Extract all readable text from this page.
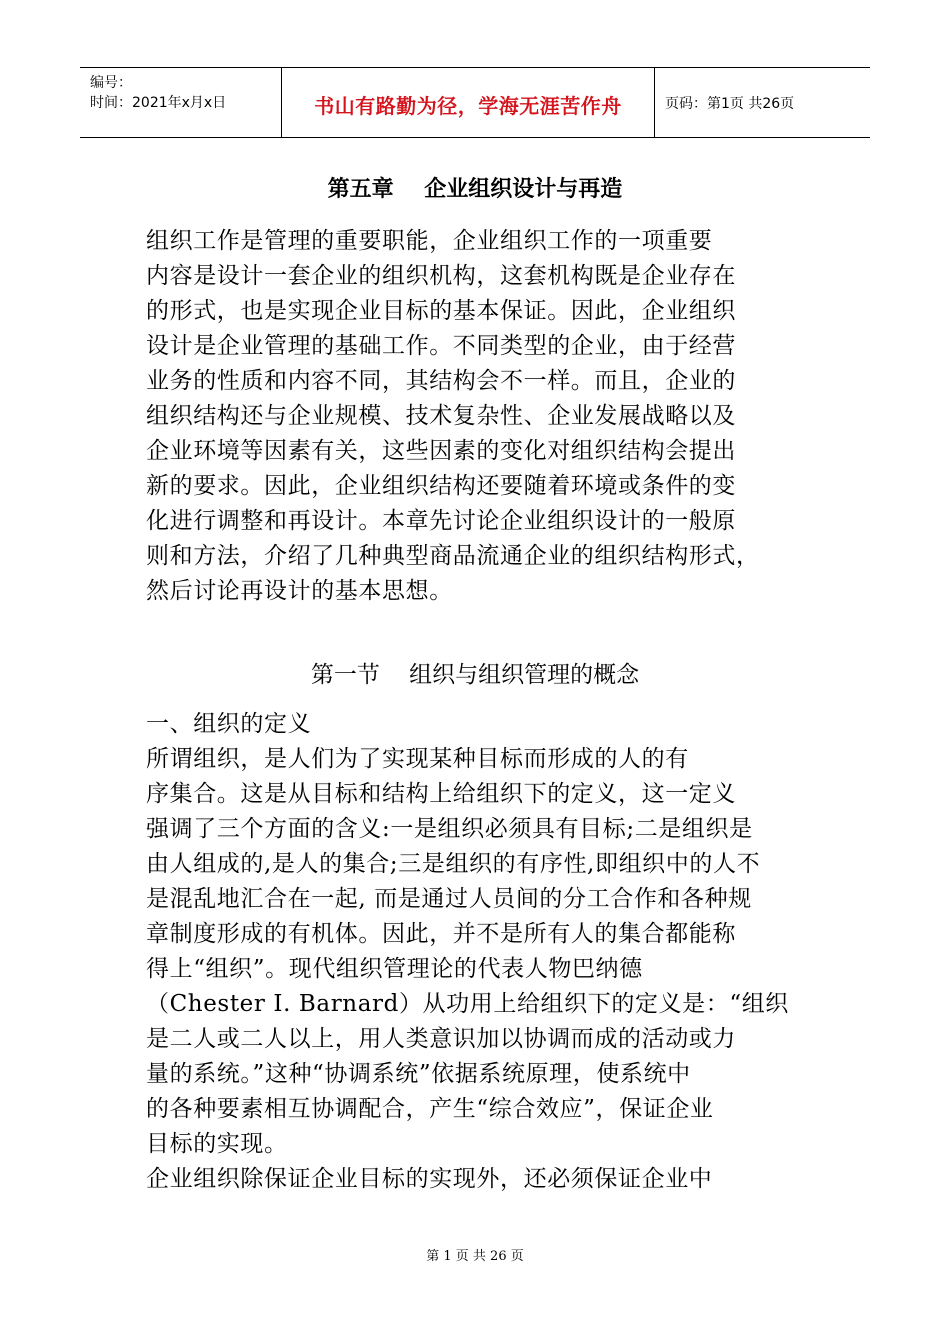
编号：
时间：2021年x月x日	书山有路勤为径，学海无涯苦作舟	页码：第1页 共26页
第五章    企业组织设计与再造
组织工作是管理的重要职能，企业组织工作的一项重要
内容是设计一套企业的组织机构，这套机构既是企业存在
的形式，也是实现企业目标的基本保证。因此，企业组织
设计是企业管理的基础工作。不同类型的企业，由于经营
业务的性质和内容不同，其结构会不一样。而且，企业的
组织结构还与企业规模、技术复杂性、企业发展战略以及
企业环境等因素有关，这些因素的变化对组织结构会提出
新的要求。因此，企业组织结构还要随着环境或条件的变
化进行调整和再设计。本章先讨论企业组织设计的一般原
则和方法，介绍了几种典型商品流通企业的组织结构形式，
然后讨论再设计的基本思想。
第一节    组织与组织管理的概念
一、组织的定义
所谓组织，是人们为了实现某种目标而形成的人的有
序集合。这是从目标和结构上给组织下的定义，这一定义
强调了三个方面的含义:一是组织必须具有目标;二是组织是
由人组成的,是人的集合;三是组织的有序性,即组织中的人不
是混乱地汇合在一起, 而是通过人员间的分工合作和各种规
章制度形成的有机体。因此，并不是所有人的集合都能称
得上“组织”。现代组织管理论的代表人物巴纳德
（Chester I. Barnard）从功用上给组织下的定义是：“组织
是二人或二人以上，用人类意识加以协调而成的活动或力
量的系统。”这种“协调系统”依据系统原理，使系统中
的各种要素相互协调配合，产生“综合效应”，保证企业
目标的实现。
企业组织除保证企业目标的实现外，还必须保证企业中
第 1 页 共 26 页
